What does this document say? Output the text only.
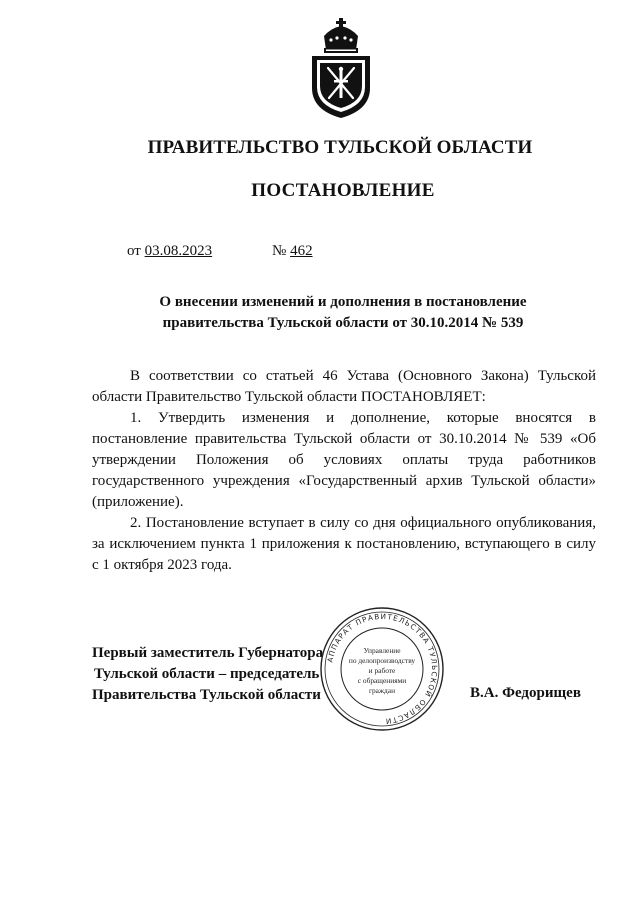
ПРАВИТЕЛЬСТВО ТУЛЬСКОЙ ОБЛАСТИ
ПОСТАНОВЛЕНИЕ
от 03.08.2023	№ 462
О внесении изменений и дополнения в постановление
правительства Тульской области от 30.10.2014 № 539

В соответствии со статьей 46 Устава (Основного Закона) Тульской области Правительство Тульской области ПОСТАНОВЛЯЕТ:

1. Утвердить изменения и дополнение, которые вносятся в постановление правительства Тульской области от 30.10.2014 № 539 «Об утверждении Положения об условиях оплаты труда работников государственного учреждения «Государственный архив Тульской области» (приложение).

2. Постановление вступает в силу со дня официального опубликования, за исключением пункта 1 приложения к постановлению, вступающего в силу с 1 октября 2023 года.

Первый заместитель Губернатора
Тульской области – председатель
Правительства Тульской области	В.А. Федорищев
АППАРАТ ПРАВИТЕЛЬСТВА ТУЛЬСКОЙ ОБЛАСТИ
Управление
по делопроизводству
и работе
с обращениями
граждан
